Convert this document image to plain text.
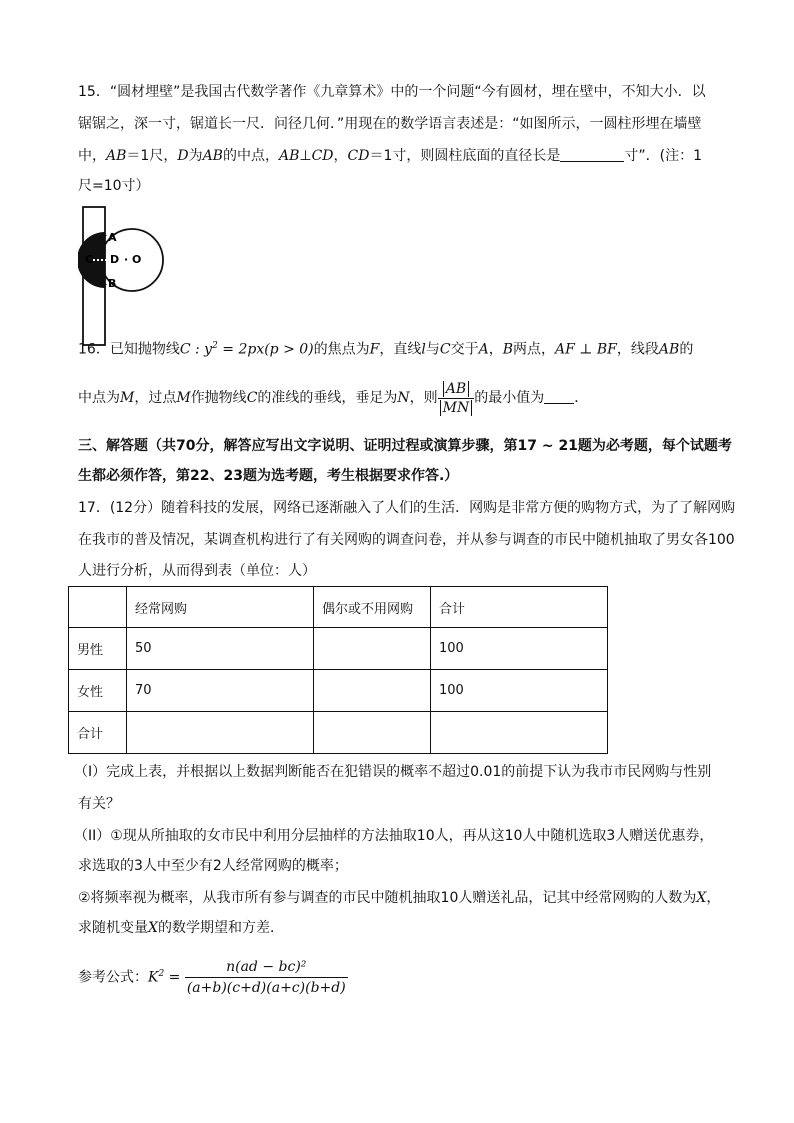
15．“圆材埋壁”是我国古代数学著作《九章算术》中的一个问题“今有圆材，埋在壁中，不知大小．以
锯锯之，深一寸，锯道长一尺．问径几何．”用现在的数学语言表述是：“如图所示，一圆柱形埋在墙壁
中，AB＝1尺，D为AB的中点，AB⊥CD，CD＝1寸，则圆柱底面的直径长是	寸”．(注：1
尺=10寸）
A
C D · O
B
16．已知抛物线C : $y^2 = 2px(p > 0)$的焦点为F，直线l与C交于A，B两点，AF ⊥ BF，线段AB的
中点为M，过点M作抛物线C的准线的垂线，垂足为N，则 $\frac{AB}{MN}$ 的最小值为 ．
三、解答题（共70分，解答应写出文字说明、证明过程或演算步骤，第17 ~ 21题为必考题，每个试题考
生都必须作答，第22、23题为选考题，考生根据要求作答.）
17．(12分）随着科技的发展，网络已逐渐融入了人们的生活．网购是非常方便的购物方式，为了了解网购
在我市的普及情况，某调查机构进行了有关网购的调查问卷，并从参与调查的市民中随机抽取了男女各100
人进行分析，从而得到表（单位：人）
	经常网购	偶尔或不用网购	合计
男性	50		100
女性	70		100
合计			
（I）完成上表，并根据以上数据判断能否在犯错误的概率不超过0.01的前提下认为我市市民网购与性别
有关？
（II）①现从所抽取的女市民中利用分层抽样的方法抽取10人，再从这10人中随机选取3人赠送优惠券，
求选取的3人中至少有2人经常网购的概率；
②将频率视为概率，从我市所有参与调查的市民中随机抽取10人赠送礼品，记其中经常网购的人数为X，
求随机变量X的数学期望和方差．
参考公式：$K^2 = \frac{\text{n(ad − bc)²}}{(a+b)(c+d)(a+c)(b+d)}$
